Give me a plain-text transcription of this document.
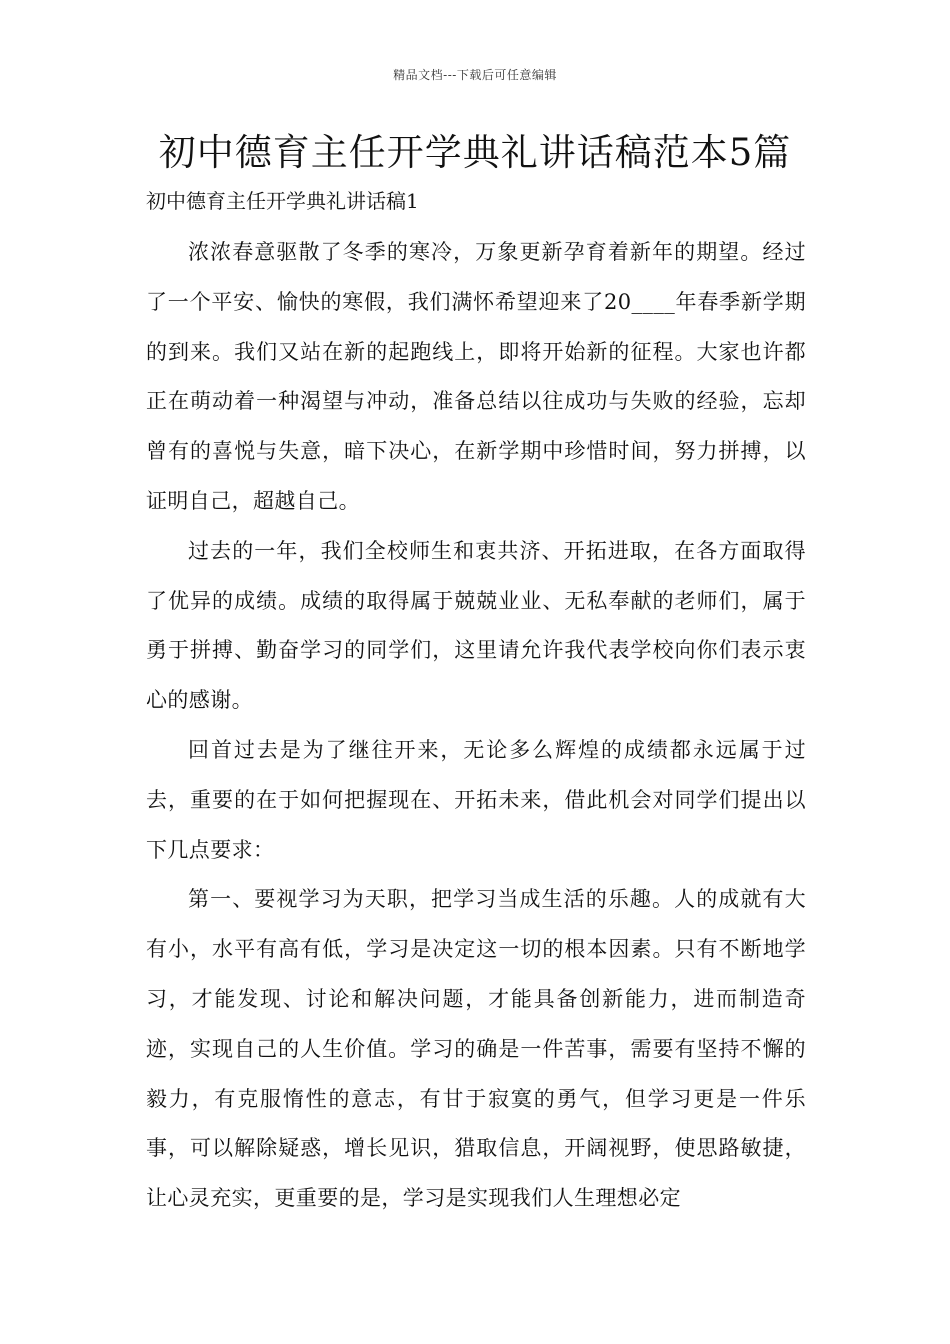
精品文档---下载后可任意编辑
初中德育主任开学典礼讲话稿范本5篇
初中德育主任开学典礼讲话稿1

浓浓春意驱散了冬季的寒冷，万象更新孕育着新年的期望。经过了一个平安、愉快的寒假，我们满怀希望迎来了20____年春季新学期的到来。我们又站在新的起跑线上，即将开始新的征程。大家也许都正在萌动着一种渴望与冲动，准备总结以往成功与失败的经验，忘却曾有的喜悦与失意，暗下决心，在新学期中珍惜时间，努力拼搏，以证明自己，超越自己。

过去的一年，我们全校师生和衷共济、开拓进取，在各方面取得了优异的成绩。成绩的取得属于兢兢业业、无私奉献的老师们，属于勇于拼搏、勤奋学习的同学们，这里请允许我代表学校向你们表示衷心的感谢。

回首过去是为了继往开来，无论多么辉煌的成绩都永远属于过去，重要的在于如何把握现在、开拓未来，借此机会对同学们提出以下几点要求：

第一、要视学习为天职，把学习当成生活的乐趣。人的成就有大有小，水平有高有低，学习是决定这一切的根本因素。只有不断地学习，才能发现、讨论和解决问题，才能具备创新能力，进而制造奇迹，实现自己的人生价值。学习的确是一件苦事，需要有坚持不懈的毅力，有克服惰性的意志，有甘于寂寞的勇气，但学习更是一件乐事，可以解除疑惑，增长见识，猎取信息，开阔视野，使思路敏捷，让心灵充实，更重要的是，学习是实现我们人生理想必定
